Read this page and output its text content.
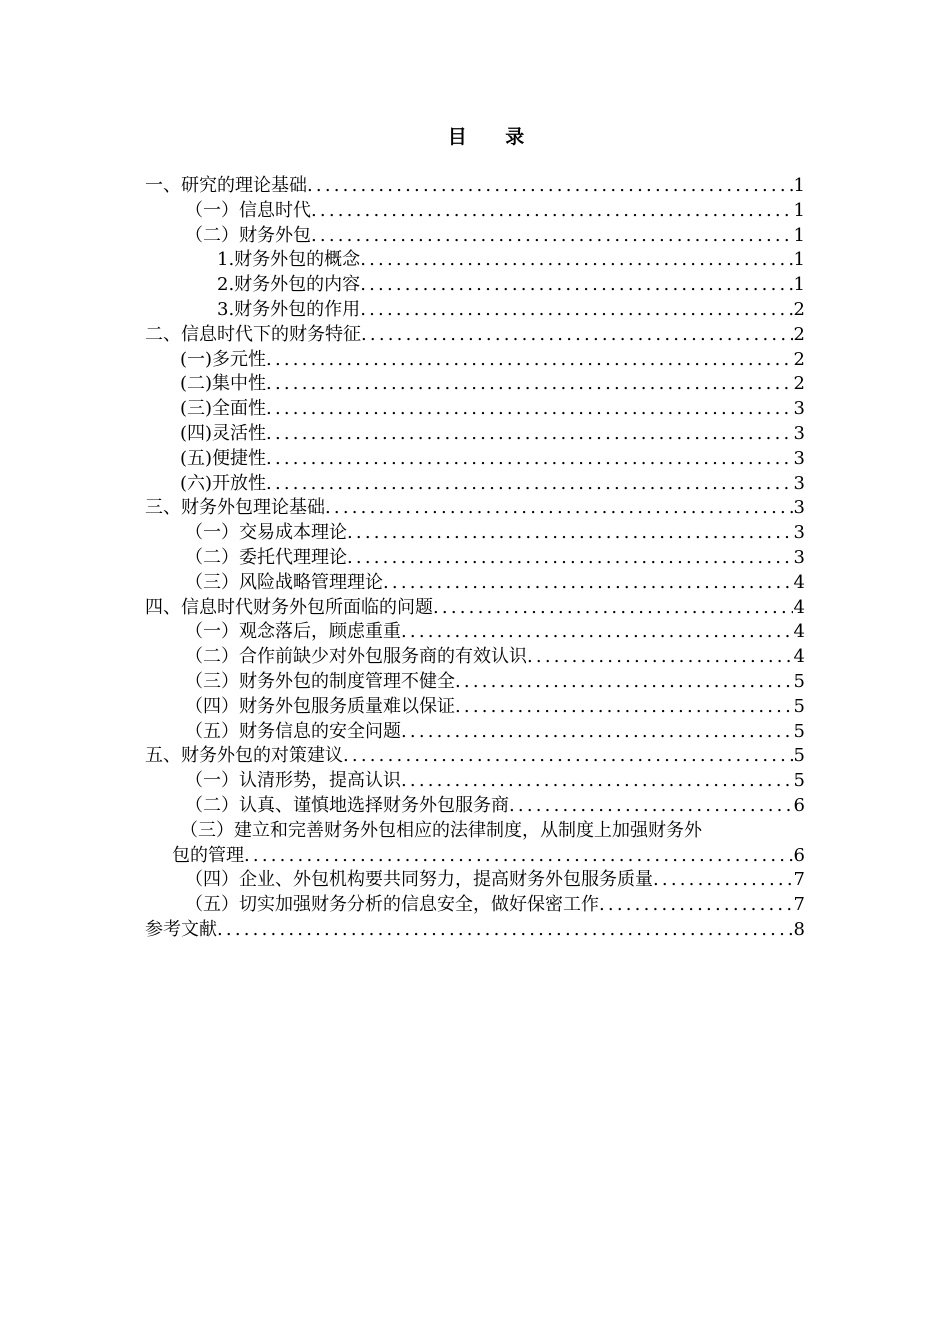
目 录
一、研究的理论基础 .....	1
（一）信息时代 .....	1
（二）财务外包 .....	1
1.财务外包的概念 .....	1
2.财务外包的内容 .....	1
3.财务外包的作用 .....	2
二、信息时代下的财务特征 .....	2
(一)多元性 .....	2
(二)集中性 .....	2
(三)全面性 .....	3
(四)灵活性 .....	3
(五)便捷性 .....	3
(六)开放性 .....	3
三、财务外包理论基础 .....	3
（一）交易成本理论 .....	3
（二）委托代理理论 .....	3
（三）风险战略管理理论 .....	4
四、信息时代财务外包所面临的问题 .....	4
（一）观念落后，顾虑重重 .....	4
（二）合作前缺少对外包服务商的有效认识 .....	4
（三）财务外包的制度管理不健全 .....	5
（四）财务外包服务质量难以保证 .....	5
（五）财务信息的安全问题 .....	5
五、财务外包的对策建议 .....	5
（一）认清形势，提高认识 .....	5
（二）认真、谨慎地选择财务外包服务商 .....	6
（三）建立和完善财务外包相应的法律制度，从制度上加强财务外
包的管理 .....	6
（四）企业、外包机构要共同努力，提高财务外包服务质量 .....	7
（五）切实加强财务分析的信息安全，做好保密工作 .....	7
参考文献 .....	8
